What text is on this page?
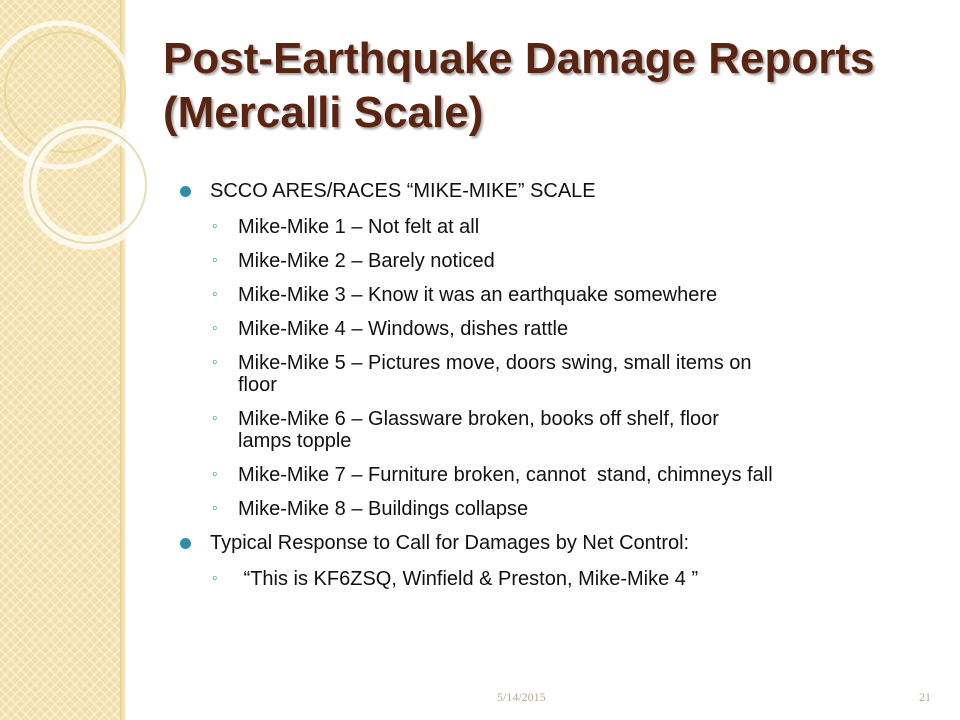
Post-Earthquake Damage Reports
(Mercalli Scale)
SCCO ARES/RACES “MIKE-MIKE” SCALE
◦ Mike-Mike 1 – Not felt at all
◦ Mike-Mike 2 – Barely noticed
◦ Mike-Mike 3 – Know it was an earthquake somewhere
◦ Mike-Mike 4 – Windows, dishes rattle
◦ Mike-Mike 5 – Pictures move, doors swing, small items on
floor
◦ Mike-Mike 6 – Glassware broken, books off shelf, floor
lamps topple
◦ Mike-Mike 7 – Furniture broken, cannot  stand, chimneys fall
◦ Mike-Mike 8 – Buildings collapse
Typical Response to Call for Damages by Net Control:
◦ “This is KF6ZSQ, Winfield & Preston, Mike-Mike 4 ”
5/14/2015	21
